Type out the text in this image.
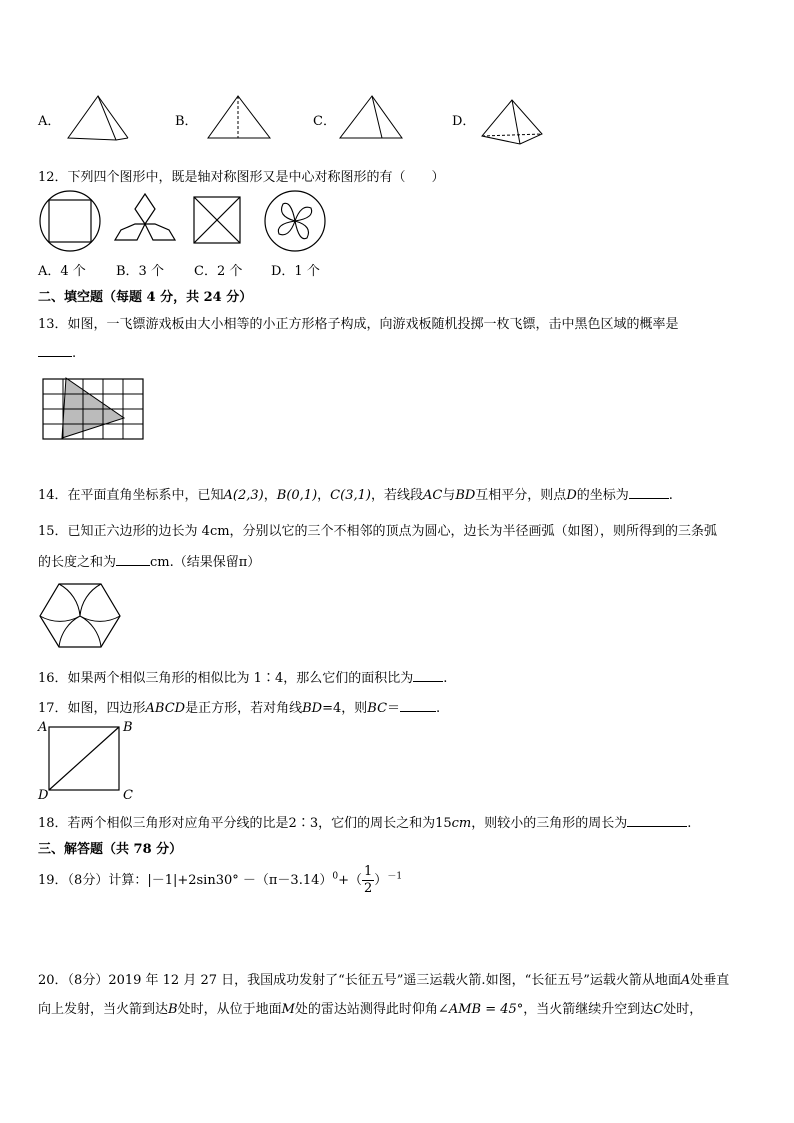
A．	B．	C．	D．
12．下列四个图形中，既是轴对称图形又是中心对称图形的有（　　）
A．4 个 B．3 个 C．2 个 D．1 个
二、填空题（每题 4 分，共 24 分）
13．如图，一飞镖游戏板由大小相等的小正方形格子构成，向游戏板随机投掷一枚飞镖，击中黑色区域的概率是
.
14．在平面直角坐标系中，已知A(2,3)，B(0,1)，C(3,1)，若线段AC与BD互相平分，则点D的坐标为	.
15．已知正六边形的边长为 4cm，分别以它的三个不相邻的顶点为圆心，边长为半径画弧（如图），则所得到的三条弧
的长度之和为	cm.（结果保留π）
16．如果两个相似三角形的相似比为 1∶4，那么它们的面积比为 .
17．如图，四边形ABCD是正方形，若对角线BD=4，则BC＝	.
A	B
D	C
18．若两个相似三角形对应角平分线的比是2∶3，它们的周长之和为15cm，则较小的三角形的周长为	.
三、解答题（共 78 分）
19．（8分）计算：$|-1|+2\sin 30^\circ -(\pi-3.14)^0+( \frac{1}{2} )^{-1}$
20．（8分）2019 年 12 月 27 日，我国成功发射了“长征五号”遥三运载火箭.如图，“长征五号”运载火箭从地面A处垂直
向上发射，当火箭到达B处时，从位于地面M处的雷达站测得此时仰角∠AMB = 45°，当火箭继续升空到达C处时，
